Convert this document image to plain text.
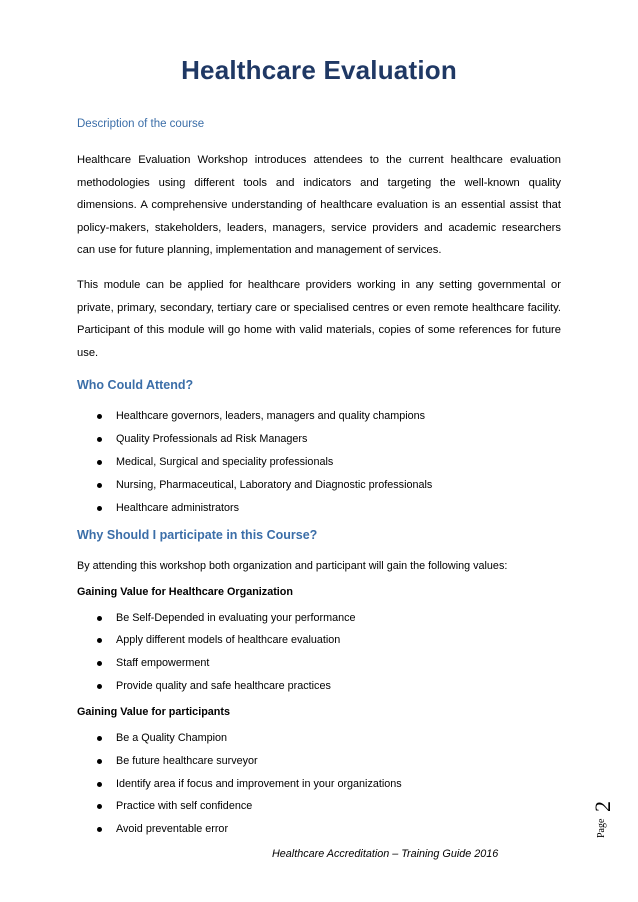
Healthcare Evaluation
Description of the course

Healthcare Evaluation Workshop introduces attendees to the current healthcare evaluation methodologies using different tools and indicators and targeting the well-known quality dimensions. A comprehensive understanding of healthcare evaluation is an essential assist that policy-makers, stakeholders, leaders, managers, service providers and academic researchers can use for future planning, implementation and management of services.

This module can be applied for healthcare providers working in any setting governmental or private, primary, secondary, tertiary care or specialised centres or even remote healthcare facility. Participant of this module will go home with valid materials, copies of some references for future use.

Who Could Attend?
Healthcare governors, leaders, managers and quality champions
Quality Professionals ad Risk Managers
Medical, Surgical and speciality professionals
Nursing, Pharmaceutical, Laboratory and Diagnostic professionals
Healthcare administrators
Why Should I participate in this Course?
By attending this workshop both organization and participant will gain the following values:
Gaining Value for Healthcare Organization
Be Self-Depended in evaluating your performance
Apply different models of healthcare evaluation
Staff empowerment
Provide quality and safe healthcare practices
Gaining Value for participants
Be a Quality Champion
Be future healthcare surveyor
Identify area if focus and improvement in your organizations
Practice with self confidence
Avoid preventable error
2
Page
Healthcare Accreditation – Training Guide 2016
